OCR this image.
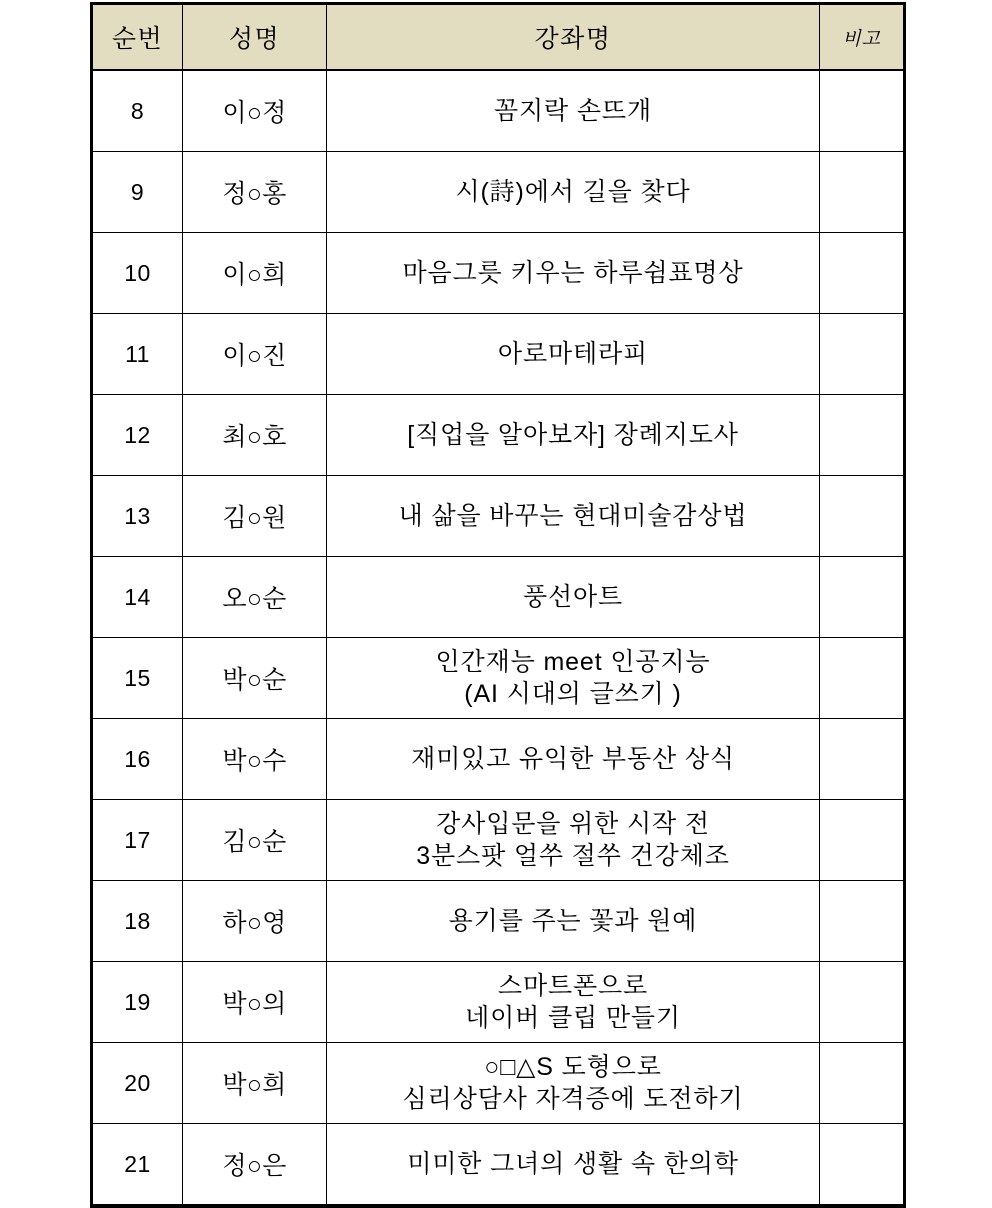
순번	성명	강좌명	비고
8	이○정	꼼지락 손뜨개	

9	정○홍	시(詩)에서 길을 찾다	

10	이○희	마음그릇 키우는 하루쉼표명상	

11	이○진	아로마테라피	

12	최○호	[직업을 알아보자] 장례지도사	

13	김○원	내 삶을 바꾸는 현대미술감상법	

14	오○순	풍선아트	

15	박○순	인간재능 meet 인공지능
(AI 시대의 글쓰기 )	

16	박○수	재미있고 유익한 부동산 상식	

17	김○순	강사입문을 위한 시작 전
3분스팟 얼쑤 절쑤 건강체조	

18	하○영	용기를 주는 꽃과 원예	

19	박○의	스마트폰으로
네이버 클립 만들기	

20	박○희	○□△S 도형으로
심리상담사 자격증에 도전하기	

21	정○은	미미한 그녀의 생활 속 한의학	
